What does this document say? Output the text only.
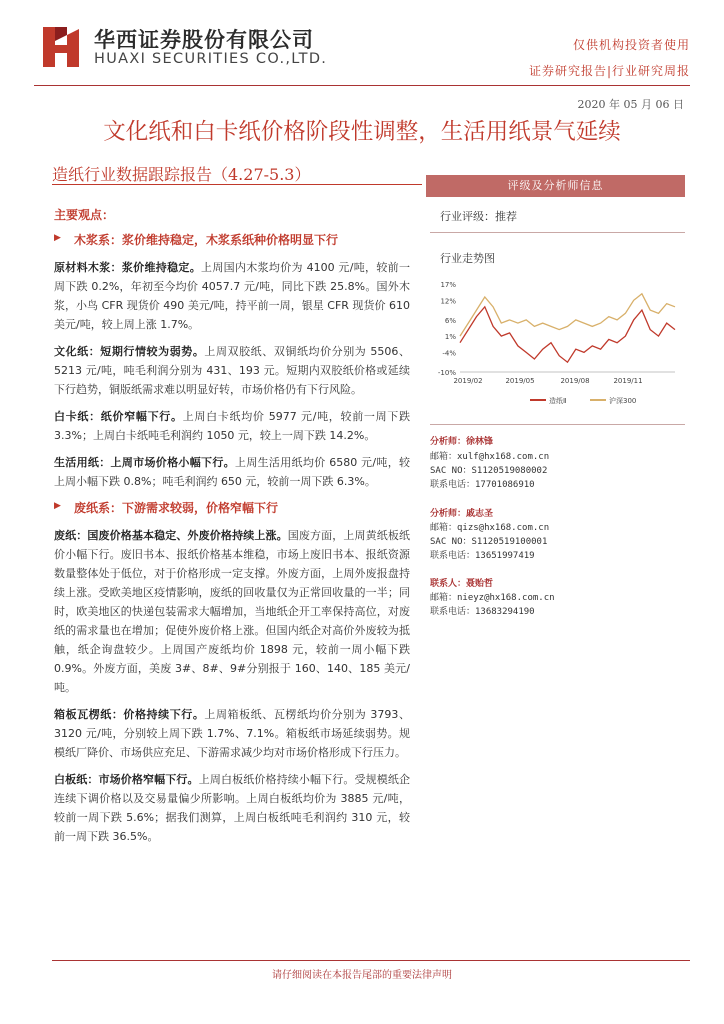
华西证券股份有限公司
HUAXI SECURITIES CO.,LTD.
仅供机构投资者使用
证券研究报告|行业研究周报
2020 年 05 月 06 日
文化纸和白卡纸价格阶段性调整，生活用纸景气延续
造纸行业数据跟踪报告（4.27-5.3）
评级及分析师信息
行业评级：推荐
行业走势图
17%
12%
6%
1%
-4%
-10%
2019/02	2019/05	2019/08	2019/11
造纸Ⅱ	沪深300
分析师：徐林锋
邮箱：xulf@hx168.com.cn
SAC NO：S1120519080002
联系电话：17701086910
分析师：戚志圣
邮箱：qizs@hx168.com.cn
SAC NO：S1120519100001
联系电话：13651997419
联系人：聂贻哲
邮箱：nieyz@hx168.com.cn
联系电话：13683294190
主要观点：
▶	木浆系：浆价维持稳定，木浆系纸种价格明显下行

原材料木浆：浆价维持稳定。上周国内木浆均价为 4100 元/吨，较前一周下跌 0.2%，年初至今均价 4057.7 元/吨，同比下跌 25.8%。国外木浆，小鸟 CFR 现货价 490 美元/吨，持平前一周，银星 CFR 现货价 610 美元/吨，较上周上涨 1.7%。

文化纸：短期行情较为弱势。上周双胶纸、双铜纸均价分别为 5506、5213 元/吨，吨毛利润分别为 431、193 元。短期内双胶纸价格或延续下行趋势，铜版纸需求难以明显好转，市场价格仍有下行风险。

白卡纸：纸价窄幅下行。上周白卡纸均价 5977 元/吨，较前一周下跌 3.3%；上周白卡纸吨毛利润约 1050 元，较上一周下跌 14.2%。

生活用纸：上周市场价格小幅下行。上周生活用纸均价 6580 元/吨，较上周小幅下跌 0.8%；吨毛利润约 650 元，较前一周下跌 6.3%。

▶	废纸系：下游需求较弱，价格窄幅下行

废纸：国废价格基本稳定、外废价格持续上涨。国废方面，上周黄纸板纸价小幅下行。废旧书本、报纸价格基本维稳，市场上废旧书本、报纸资源数量整体处于低位，对于价格形成一定支撑。外废方面，上周外废报盘持续上涨。受欧美地区疫情影响，废纸的回收量仅为正常回收量的一半；同时，欧美地区的快递包装需求大幅增加，当地纸企开工率保持高位，对废纸的需求量也在增加；促使外废价格上涨。但国内纸企对高价外废较为抵触，纸企询盘较少。上周国产废纸均价 1898 元，较前一周小幅下跌 0.9%。外废方面，美废 3#、8#、9#分别报于 160、140、185 美元/吨。

箱板瓦楞纸：价格持续下行。上周箱板纸、瓦楞纸均价分别为 3793、3120 元/吨，分别较上周下跌 1.7%、7.1%。箱板纸市场延续弱势。规模纸厂降价、市场供应充足、下游需求减少均对市场价格形成下行压力。

白板纸：市场价格窄幅下行。上周白板纸价格持续小幅下行。受规模纸企连续下调价格以及交易量偏少所影响。上周白板纸均价为 3885 元/吨，较前一周下跌 5.6%；据我们测算，上周白板纸吨毛利润约 310 元，较前一周下跌 36.5%。

请仔细阅读在本报告尾部的重要法律声明
